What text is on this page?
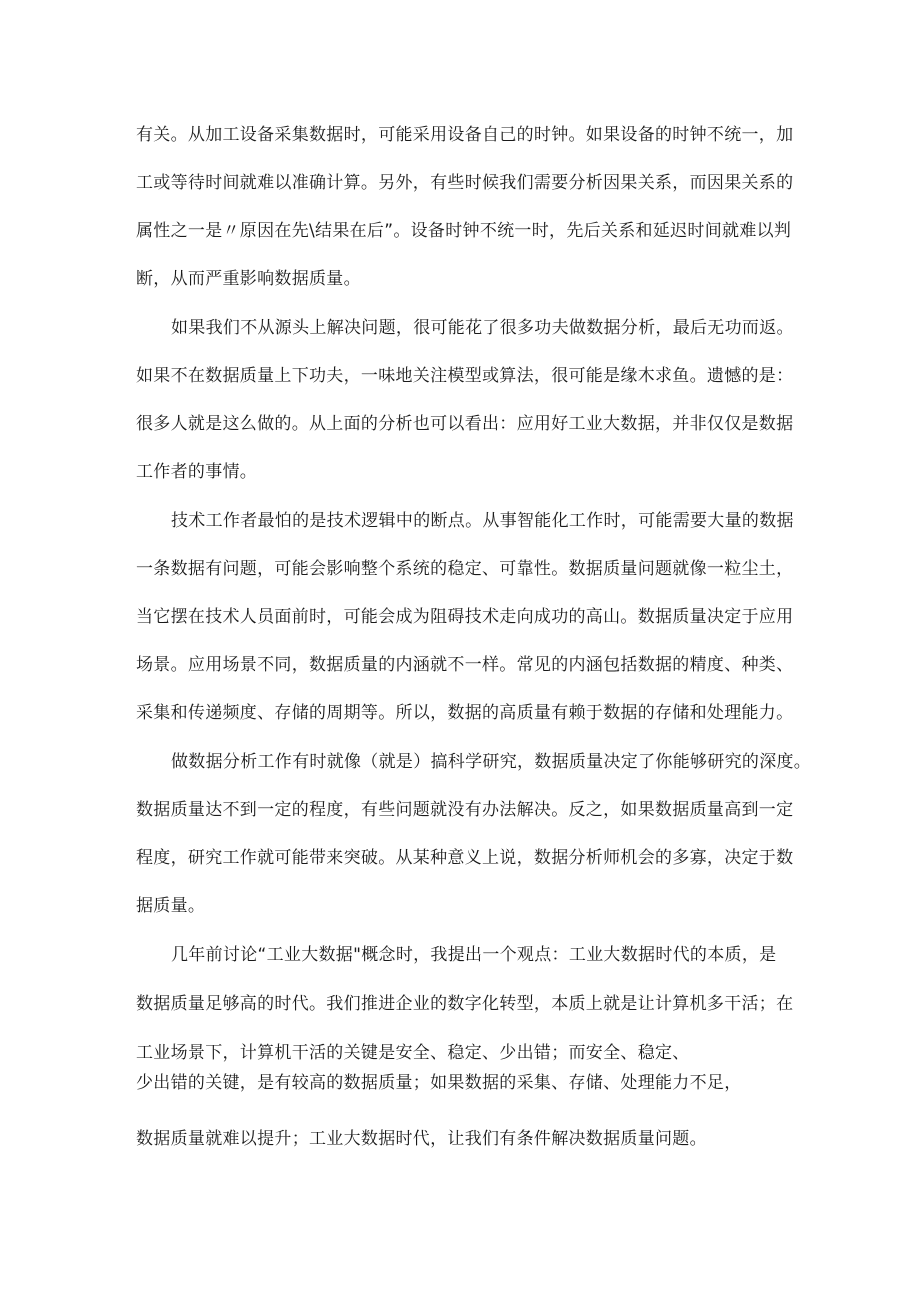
有关。从加工设备采集数据时，可能采用设备自己的时钟。如果设备的时钟不统一，加
工或等待时间就难以准确计算。另外，有些时候我们需要分析因果关系，而因果关系的
属性之一是〃原因在先\结果在后”。设备时钟不统一时，先后关系和延迟时间就难以判
断，从而严重影响数据质量。
如果我们不从源头上解决问题，很可能花了很多功夫做数据分析，最后无功而返。
如果不在数据质量上下功夫，一味地关注模型或算法，很可能是缘木求鱼。遗憾的是：
很多人就是这么做的。从上面的分析也可以看出：应用好工业大数据，并非仅仅是数据
工作者的事情。
技术工作者最怕的是技术逻辑中的断点。从事智能化工作时，可能需要大量的数据
一条数据有问题，可能会影响整个系统的稳定、可靠性。数据质量问题就像一粒尘土，
当它摆在技术人员面前时，可能会成为阻碍技术走向成功的高山。数据质量决定于应用
场景。应用场景不同，数据质量的内涵就不一样。常见的内涵包括数据的精度、种类、
采集和传递频度、存储的周期等。所以，数据的高质量有赖于数据的存储和处理能力。
做数据分析工作有时就像（就是）搞科学研究，数据质量决定了你能够研究的深度。
数据质量达不到一定的程度，有些问题就没有办法解决。反之，如果数据质量高到一定
程度，研究工作就可能带来突破。从某种意义上说，数据分析师机会的多寡，决定于数
据质量。
几年前讨论“工业大数据"概念时，我提出一个观点：工业大数据时代的本质，是
数据质量足够高的时代。我们推进企业的数字化转型，本质上就是让计算机多干活；在
工业场景下，计算机干活的关键是安全、稳定、少出错；而安全、稳定、
少出错的关键，是有较高的数据质量；如果数据的采集、存储、处理能力不足，
数据质量就难以提升；工业大数据时代，让我们有条件解决数据质量问题。
